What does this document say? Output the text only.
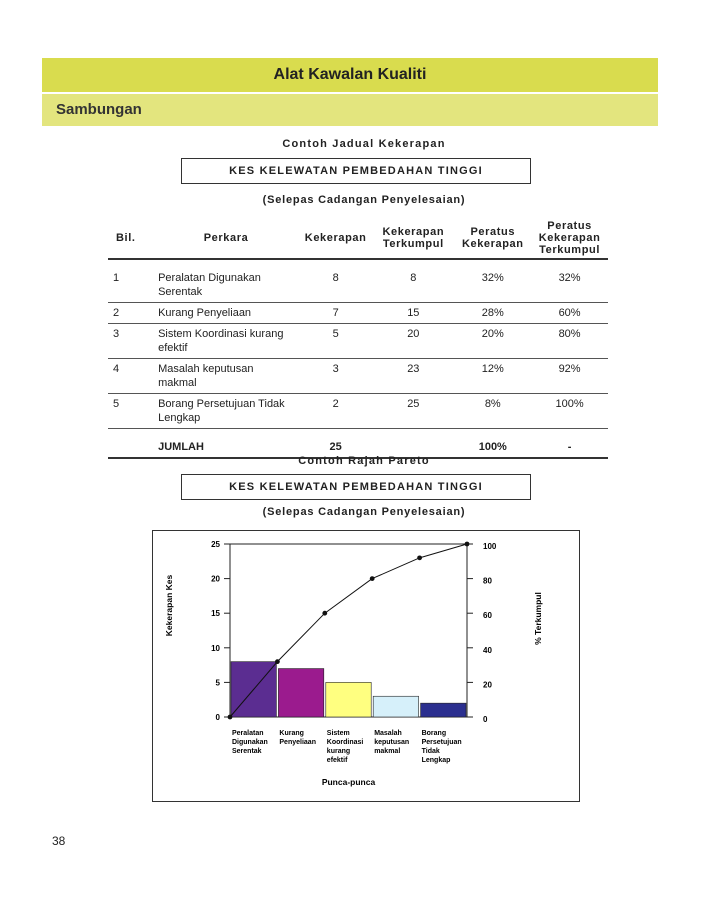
Alat Kawalan Kualiti
Sambungan
Contoh Jadual Kekerapan
KES KELEWATAN PEMBEDAHAN TINGGI
(Selepas Cadangan Penyelesaian)
Bil.	Perkara	Kekerapan	Kekerapan Terkumpul	Peratus Kekerapan	Peratus Kekerapan Terkumpul

1	Peralatan Digunakan Serentak	8	8	32%	32%
2	Kurang Penyeliaan	7	15	28%	60%
3	Sistem Koordinasi kurang efektif	5	20	20%	80%
4	Masalah keputusan makmal	3	23	12%	92%
5	Borang Persetujuan Tidak Lengkap	2	25	8%	100%

	JUMLAH	25		100%	-
Contoh Rajah Pareto
KES KELEWATAN PEMBEDAHAN TINGGI
(Selepas Cadangan Penyelesaian)
0
5
10
15
20
25
0
20
40
60
80
100
Peralatan
Digunakan
Serentak
Kurang
Penyeliaan
Sistem
Koordinasi
kurang
efektif
Masalah
keputusan
makmal
Borang
Persetujuan
Tidak
Lengkap
Punca-punca
Kekerapan Kes	% Terkumpul
38
